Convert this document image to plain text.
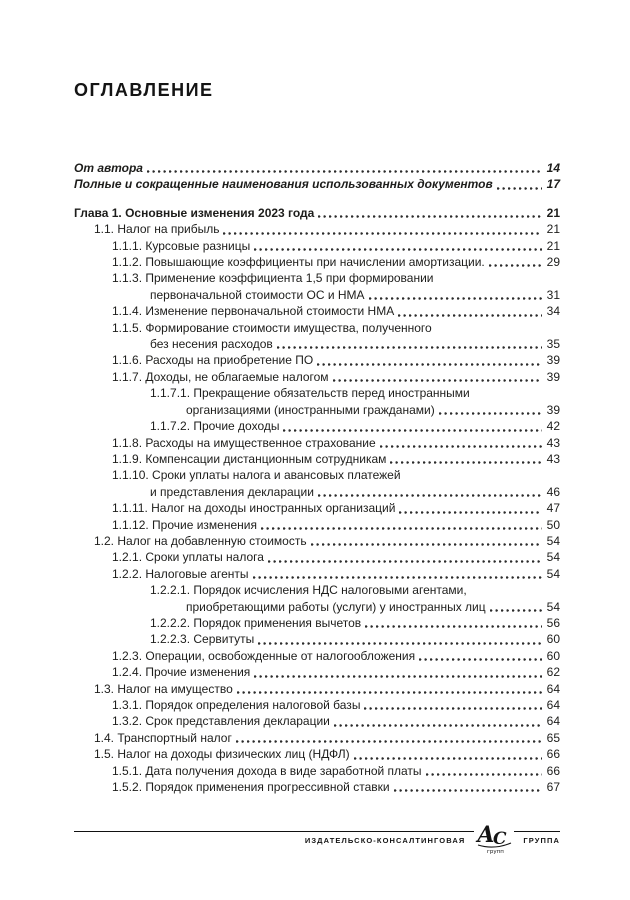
ОГЛАВЛЕНИЕ
От автора	14
Полные и сокращенные наименования использованных документов	17
Глава 1. Основные изменения 2023 года	21
1.1. Налог на прибыль	21
1.1.1. Курсовые разницы	21
1.1.2. Повышающие коэффициенты при начислении амортизации.	29
1.1.3. Применение коэффициента 1,5 при формировании
первоначальной стоимости ОС и НМА	31
1.1.4. Изменение первоначальной стоимости НМА	34
1.1.5. Формирование стоимости имущества, полученного
без несения расходов	35
1.1.6. Расходы на приобретение ПО	39
1.1.7. Доходы, не облагаемые налогом	39
1.1.7.1. Прекращение обязательств перед иностранными
организациями (иностранными гражданами)	39
1.1.7.2. Прочие доходы	42
1.1.8. Расходы на имущественное страхование	43
1.1.9. Компенсации дистанционным сотрудникам	43
1.1.10. Сроки уплаты налога и авансовых платежей
и представления декларации	46
1.1.11. Налог на доходы иностранных организаций	47
1.1.12. Прочие изменения	50
1.2. Налог на добавленную стоимость	54
1.2.1. Сроки уплаты налога	54
1.2.2. Налоговые агенты	54
1.2.2.1. Порядок исчисления НДС налоговыми агентами,
приобретающими работы (услуги) у иностранных лиц	54
1.2.2.2. Порядок применения вычетов	56
1.2.2.3. Сервитуты	60
1.2.3. Операции, освобожденные от налогообложения	60
1.2.4. Прочие изменения	62
1.3. Налог на имущество	64
1.3.1. Порядок определения налоговой базы	64
1.3.2. Срок представления декларации	64
1.4. Транспортный налог	65
1.5. Налог на доходы физических лиц (НДФЛ)	66
1.5.1. Дата получения дохода в виде заработной платы	66
1.5.2. Порядок применения прогрессивной ставки	67
ИЗДАТЕЛЬСКО-КОНСАЛТИНГОВАЯ А
С
групп
ГРУППА
